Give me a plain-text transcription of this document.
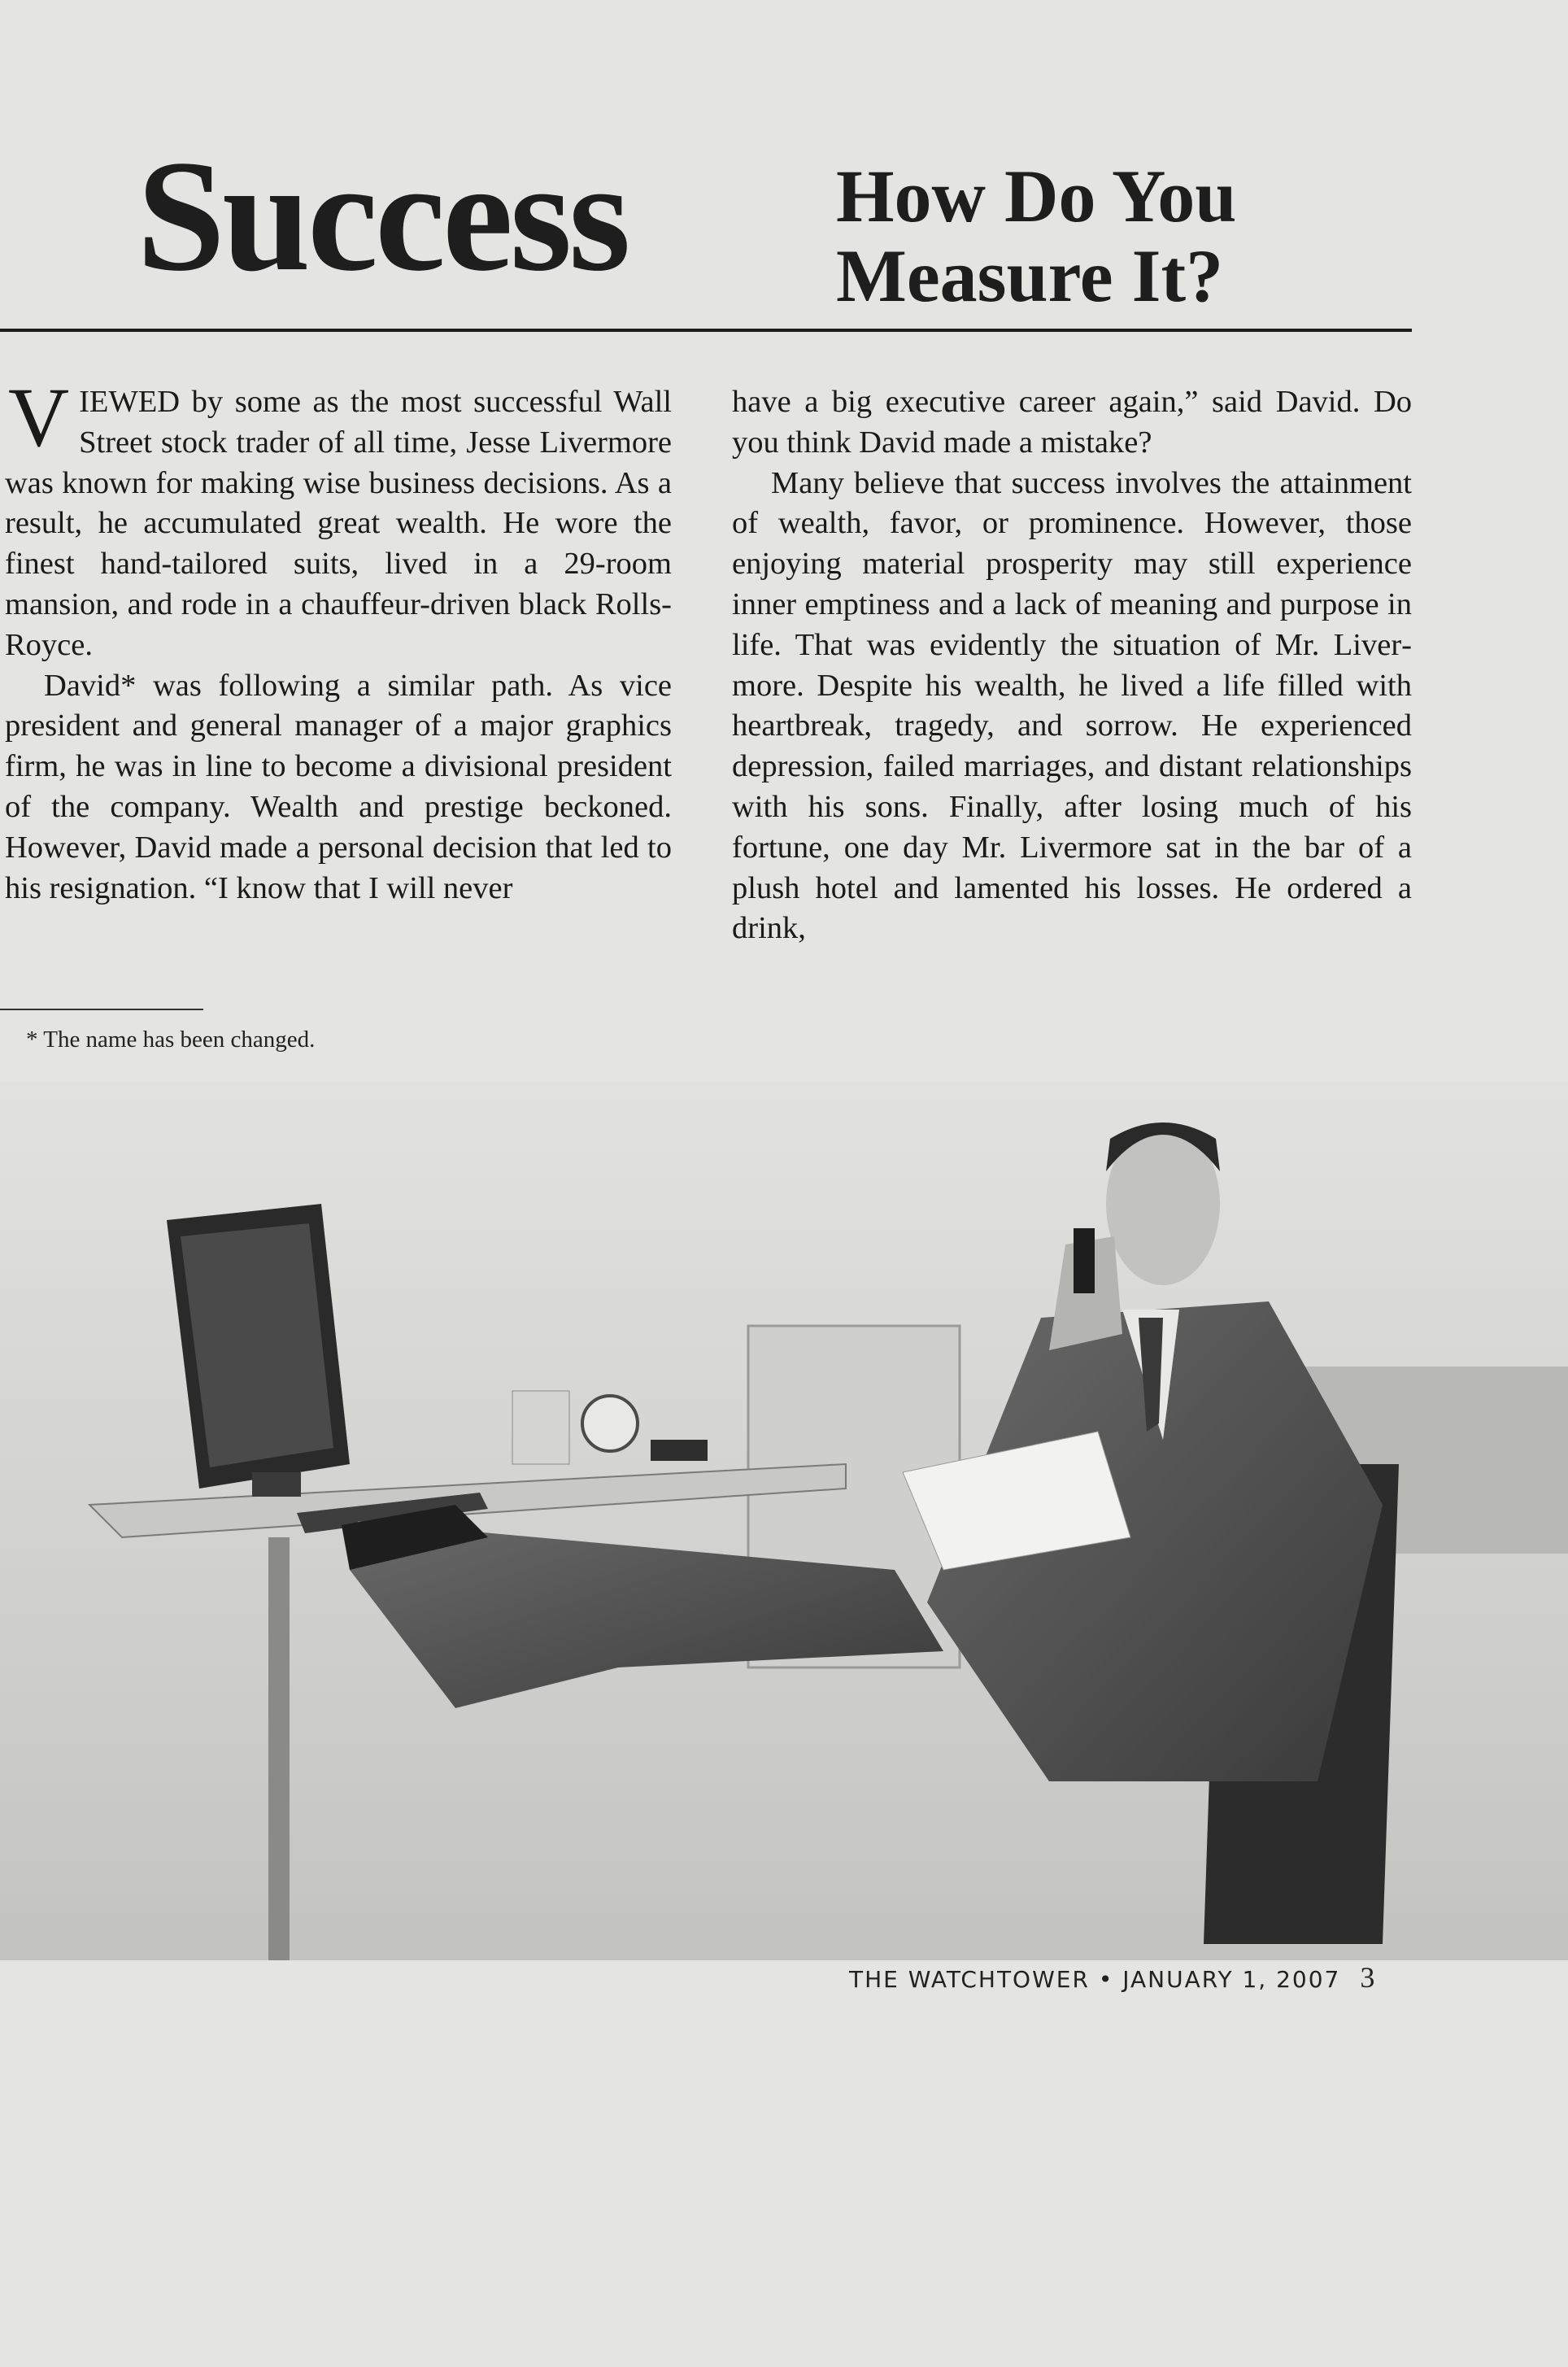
Success	How Do You
Measure It?

VIEWED by some as the most successful Wall Street stock trader of all time, Jesse Livermore was known for making wise business decisions. As a result, he accumulated great wealth. He wore the finest hand-tailored suits, lived in a 29-room mansion, and rode in a chauffeur-driven black Rolls-Royce.

David* was following a similar path. As vice president and general manager of a major graphics firm, he was in line to become a divisional president of the company. Wealth and prestige beckoned. However, David made a personal decision that led to his resignation. “I know that I will never

have a big executive career again,” said David. Do you think David made a mistake?

Many believe that success involves the attainment of wealth, favor, or prominence. However, those enjoying material prosperity may still experience inner emptiness and a lack of meaning and purpose in life. That was evidently the situation of Mr. Livermore. Despite his wealth, he lived a life filled with heartbreak, tragedy, and sorrow. He experienced depression, failed marriages, and distant relationships with his sons. Finally, after losing much of his fortune, one day Mr. Livermore sat in the bar of a plush hotel and lamented his losses. He ordered a drink,

* The name has been changed.
THE WATCHTOWER • JANUARY 1, 2007 3
